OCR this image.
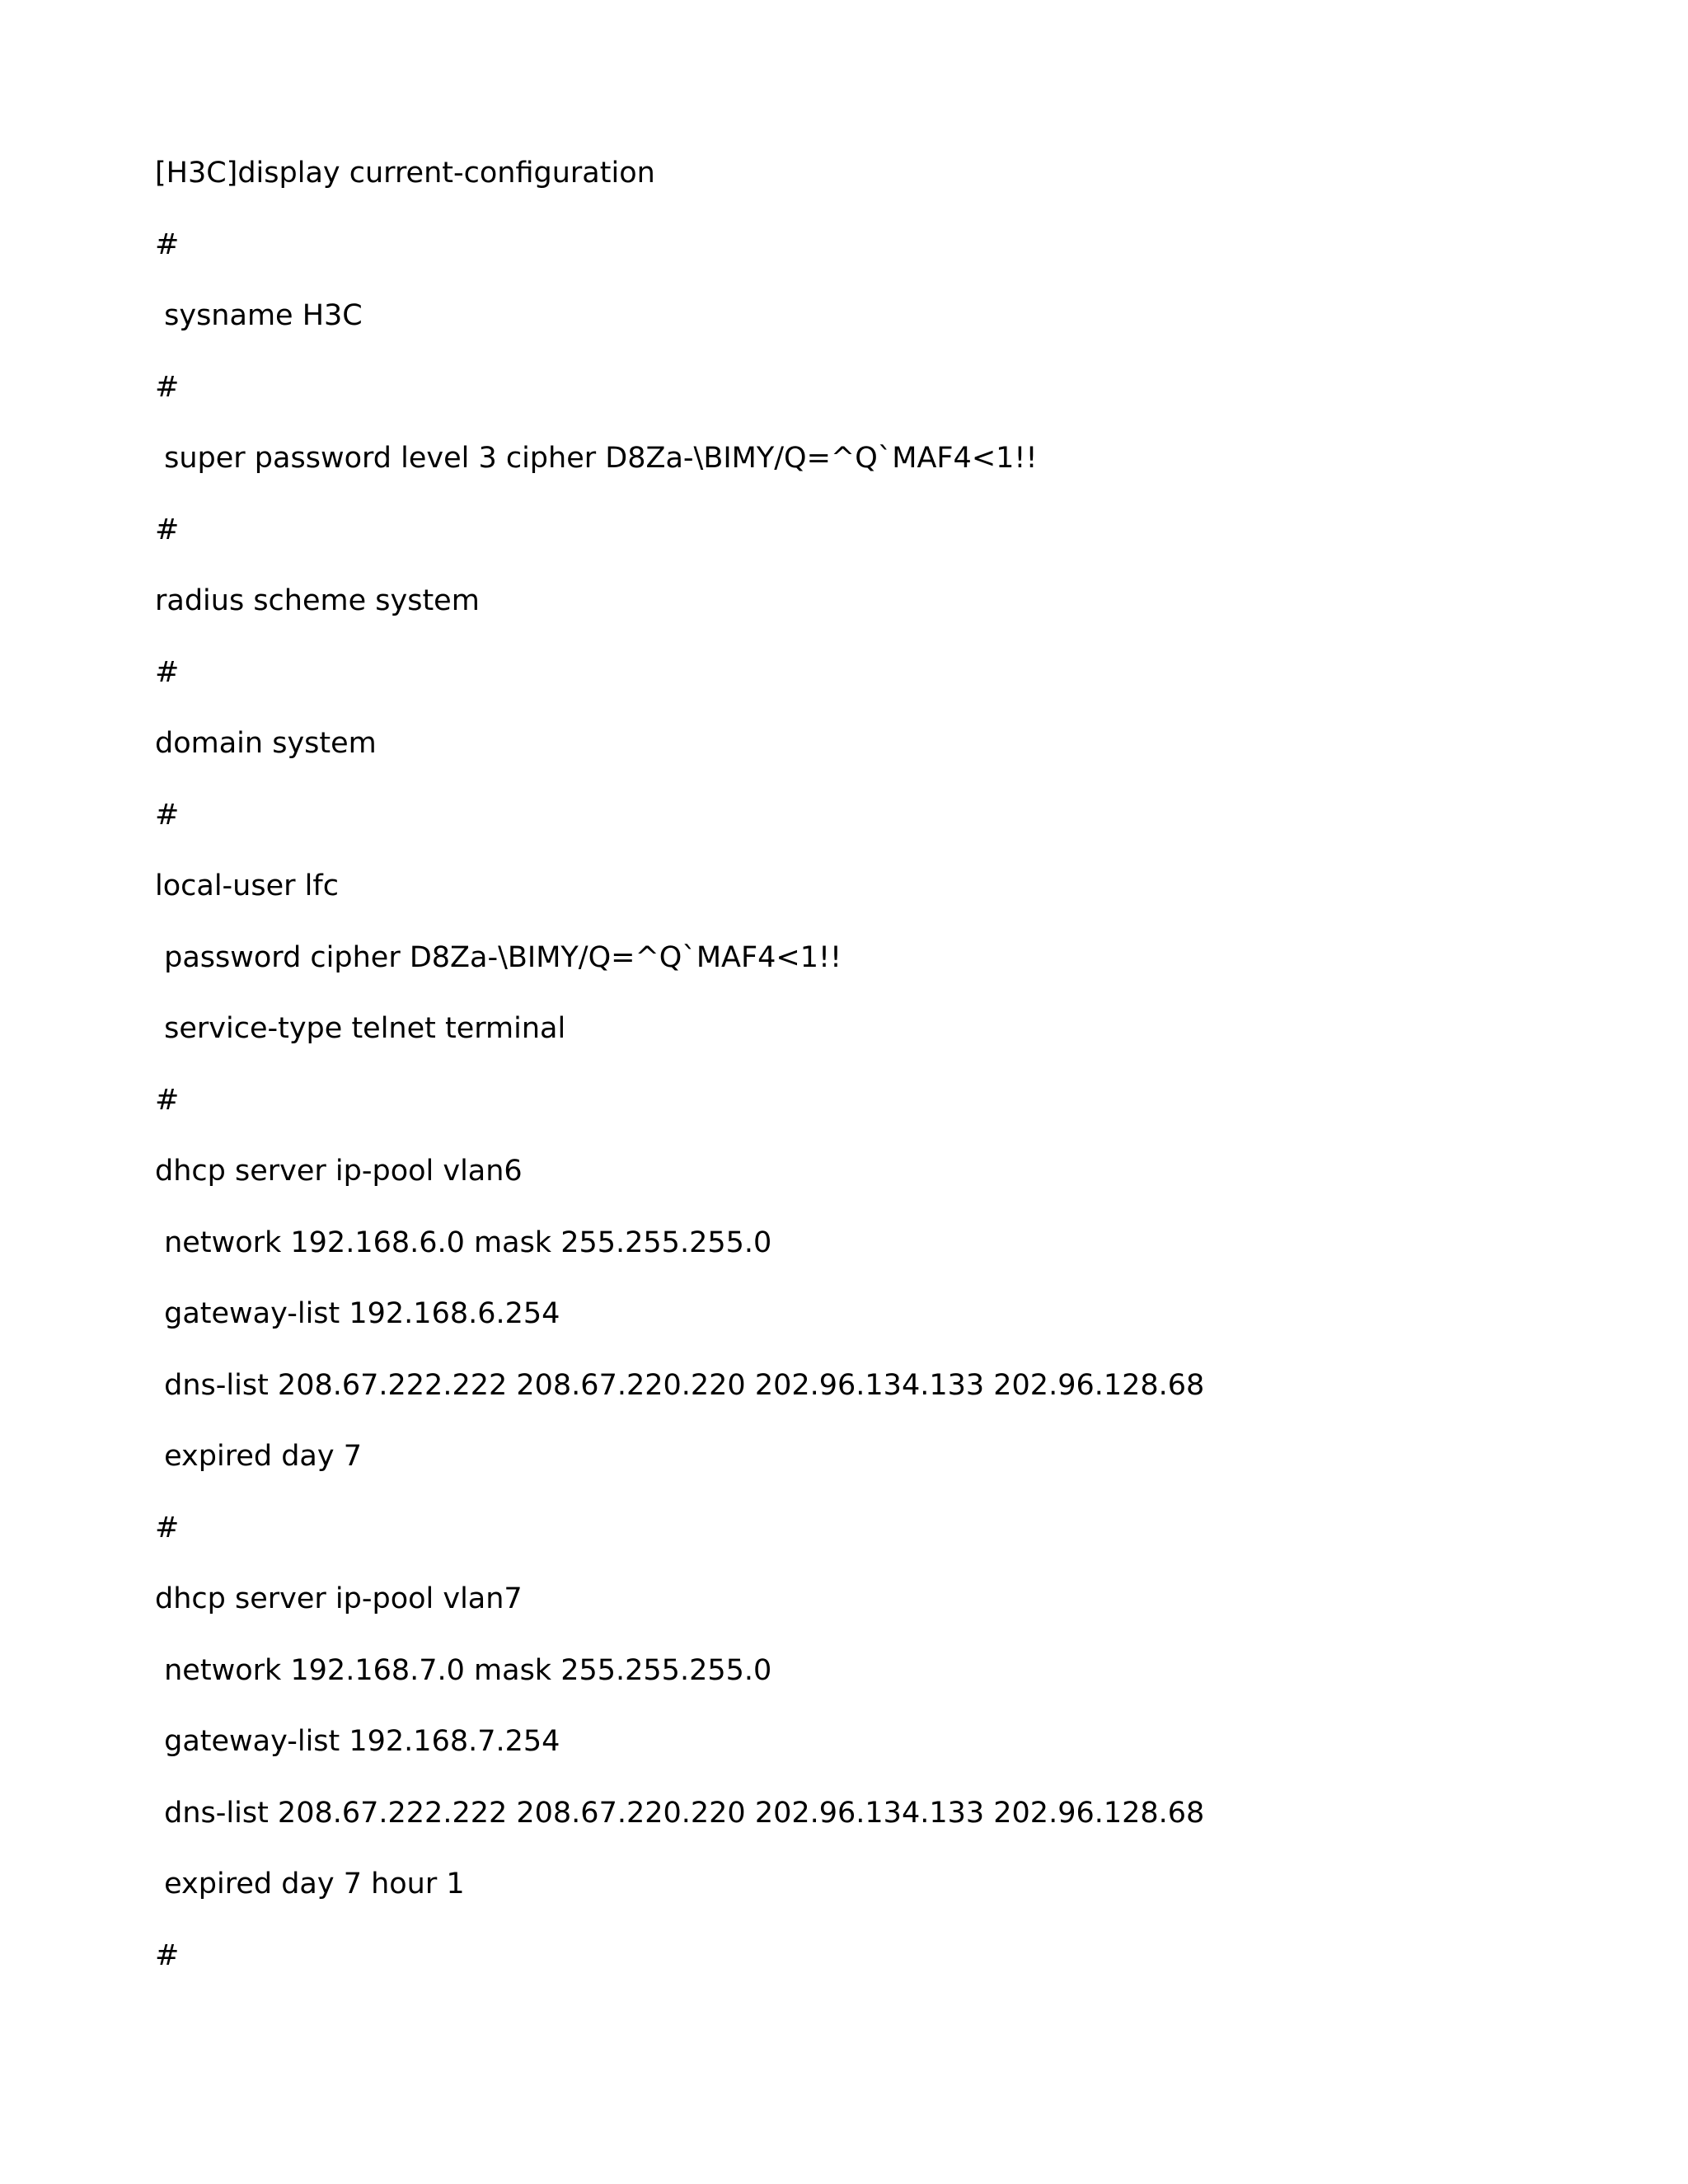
[H3C]display current-configuration
#
sysname H3C
#
super password level 3 cipher D8Za-\BIMY/Q=^Q`MAF4<1!!
#
radius scheme system
#
domain system
#
local-user lfc
password cipher D8Za-\BIMY/Q=^Q`MAF4<1!!
service-type telnet terminal
#
dhcp server ip-pool vlan6
network 192.168.6.0 mask 255.255.255.0
gateway-list 192.168.6.254
dns-list 208.67.222.222 208.67.220.220 202.96.134.133 202.96.128.68
expired day 7
#
dhcp server ip-pool vlan7
network 192.168.7.0 mask 255.255.255.0
gateway-list 192.168.7.254
dns-list 208.67.222.222 208.67.220.220 202.96.134.133 202.96.128.68
expired day 7 hour 1
#
